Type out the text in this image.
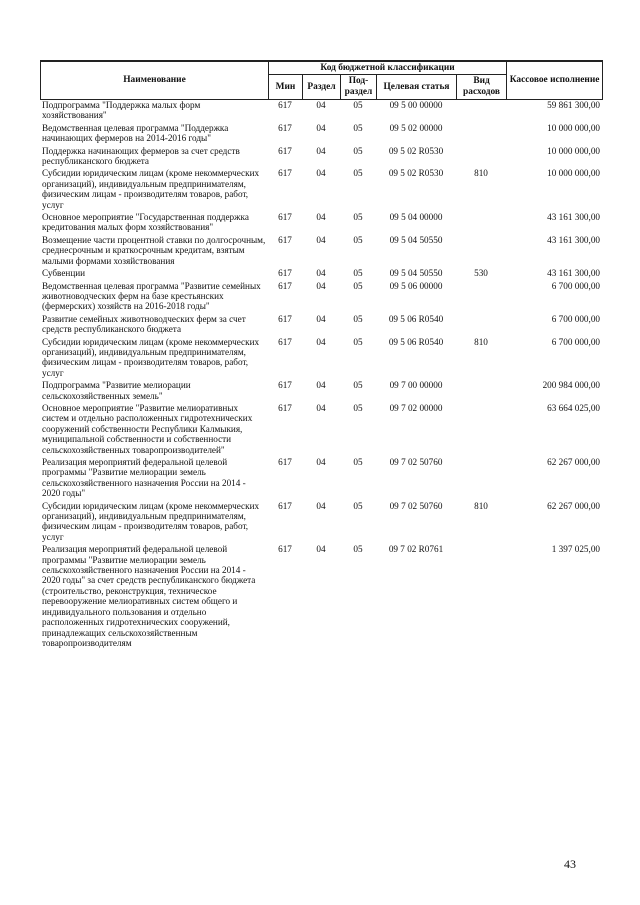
Наименование	Код бюджетной классификации					Кассовое исполнение
	Мин	Раздел	Под-раздел	Целевая статья	Вид расходов	
Подпрограмма "Поддержка малых форм хозяйствования"	617	04	05	09 5 00 00000		59 861 300,00
Ведомственная целевая программа "Поддержка начинающих фермеров на 2014-2016 годы"	617	04	05	09 5 02 00000		10 000 000,00
Поддержка начинающих фермеров за счет средств республиканского бюджета	617	04	05	09 5 02 R0530		10 000 000,00
Субсидии юридическим лицам (кроме некоммерческих организаций), индивидуальным предпринимателям, физическим лицам - производителям товаров, работ, услуг	617	04	05	09 5 02 R0530	810	10 000 000,00
Основное мероприятие "Государственная поддержка кредитования малых форм хозяйствования"	617	04	05	09 5 04 00000		43 161 300,00
Возмещение части процентной ставки по долгосрочным, среднесрочным и краткосрочным кредитам, взятым малыми формами хозяйствования	617	04	05	09 5 04 50550		43 161 300,00
Субвенции	617	04	05	09 5 04 50550	530	43 161 300,00
Ведомственная целевая программа "Развитие семейных животноводческих ферм на базе крестьянских (фермерских) хозяйств на 2016-2018 годы"	617	04	05	09 5 06 00000		6 700 000,00
Развитие семейных животноводческих ферм за счет средств республиканского бюджета	617	04	05	09 5 06 R0540		6 700 000,00
Субсидии юридическим лицам (кроме некоммерческих организаций), индивидуальным предпринимателям, физическим лицам - производителям товаров, работ, услуг	617	04	05	09 5 06 R0540	810	6 700 000,00
Подпрограмма "Развитие мелиорации сельскохозяйственных земель"	617	04	05	09 7 00 00000		200 984 000,00
Основное мероприятие "Развитие мелиоративных систем и отдельно расположенных гидротехнических сооружений собственности Республики Калмыкия, муниципальной собственности и собственности сельскохозяйственных товаропроизводителей"	617	04	05	09 7 02 00000		63 664 025,00
Реализация мероприятий федеральной целевой программы "Развитие мелиорации земель сельскохозяйственного назначения России на 2014 - 2020 годы"	617	04	05	09 7 02 50760		62 267 000,00
Субсидии юридическим лицам (кроме некоммерческих организаций), индивидуальным предпринимателям, физическим лицам - производителям товаров, работ, услуг	617	04	05	09 7 02 50760	810	62 267 000,00
Реализация мероприятий федеральной целевой программы "Развитие мелиорации земель сельскохозяйственного назначения России на 2014 - 2020 годы" за счет средств республиканского бюджета (строительство, реконструкция, техническое перевооружение мелиоративных систем общего и индивидуального пользования и отдельно расположенных гидротехнических сооружений, принадлежащих сельскохозяйственным товаропроизводителям	617	04	05	09 7 02 R0761		1 397 025,00
43
